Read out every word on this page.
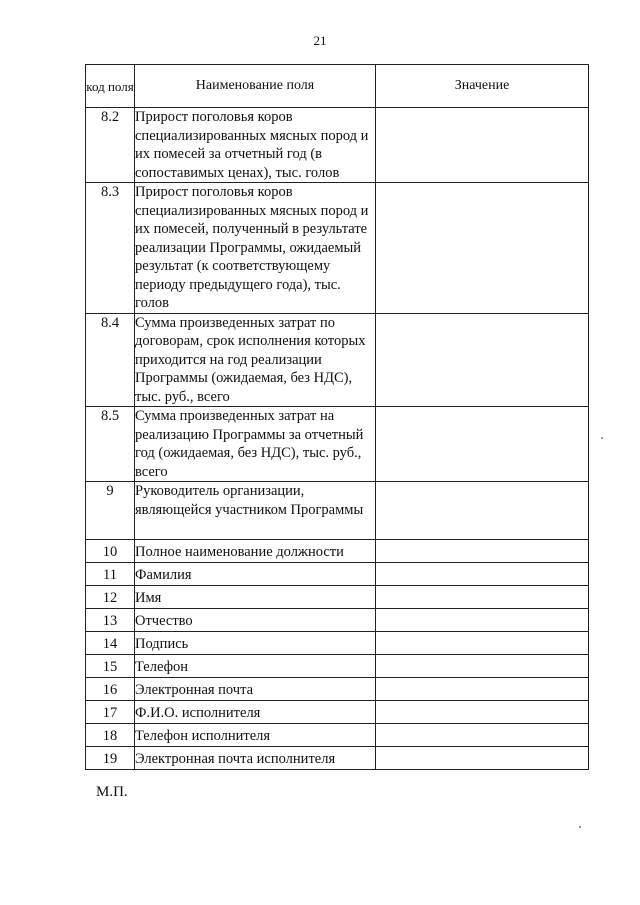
21
код поля	Наименование поля	Значение
8.2	Прирост поголовья коров специализированных мясных пород и их помесей за отчетный год (в сопоставимых ценах), тыс. голов	
8.3	Прирост поголовья коров специализированных мясных пород и их помесей, полученный в результате реализации Программы, ожидаемый результат (к соответствующему периоду предыдущего года), тыс. голов	
8.4	Сумма произведенных затрат по договорам, срок исполнения которых приходится на год реализации Программы (ожидаемая, без НДС), тыс. руб., всего	
8.5	Сумма произведенных затрат на реализацию Программы за отчетный год (ожидаемая, без НДС), тыс. руб., всего	
9	Руководитель организации, являющейся участником Программы	
10	Полное наименование должности	
11	Фамилия	
12	Имя	
13	Отчество	
14	Подпись	
15	Телефон	
16	Электронная почта	
17	Ф.И.О. исполнителя	
18	Телефон исполнителя	
19	Электронная почта исполнителя	
М.П.
